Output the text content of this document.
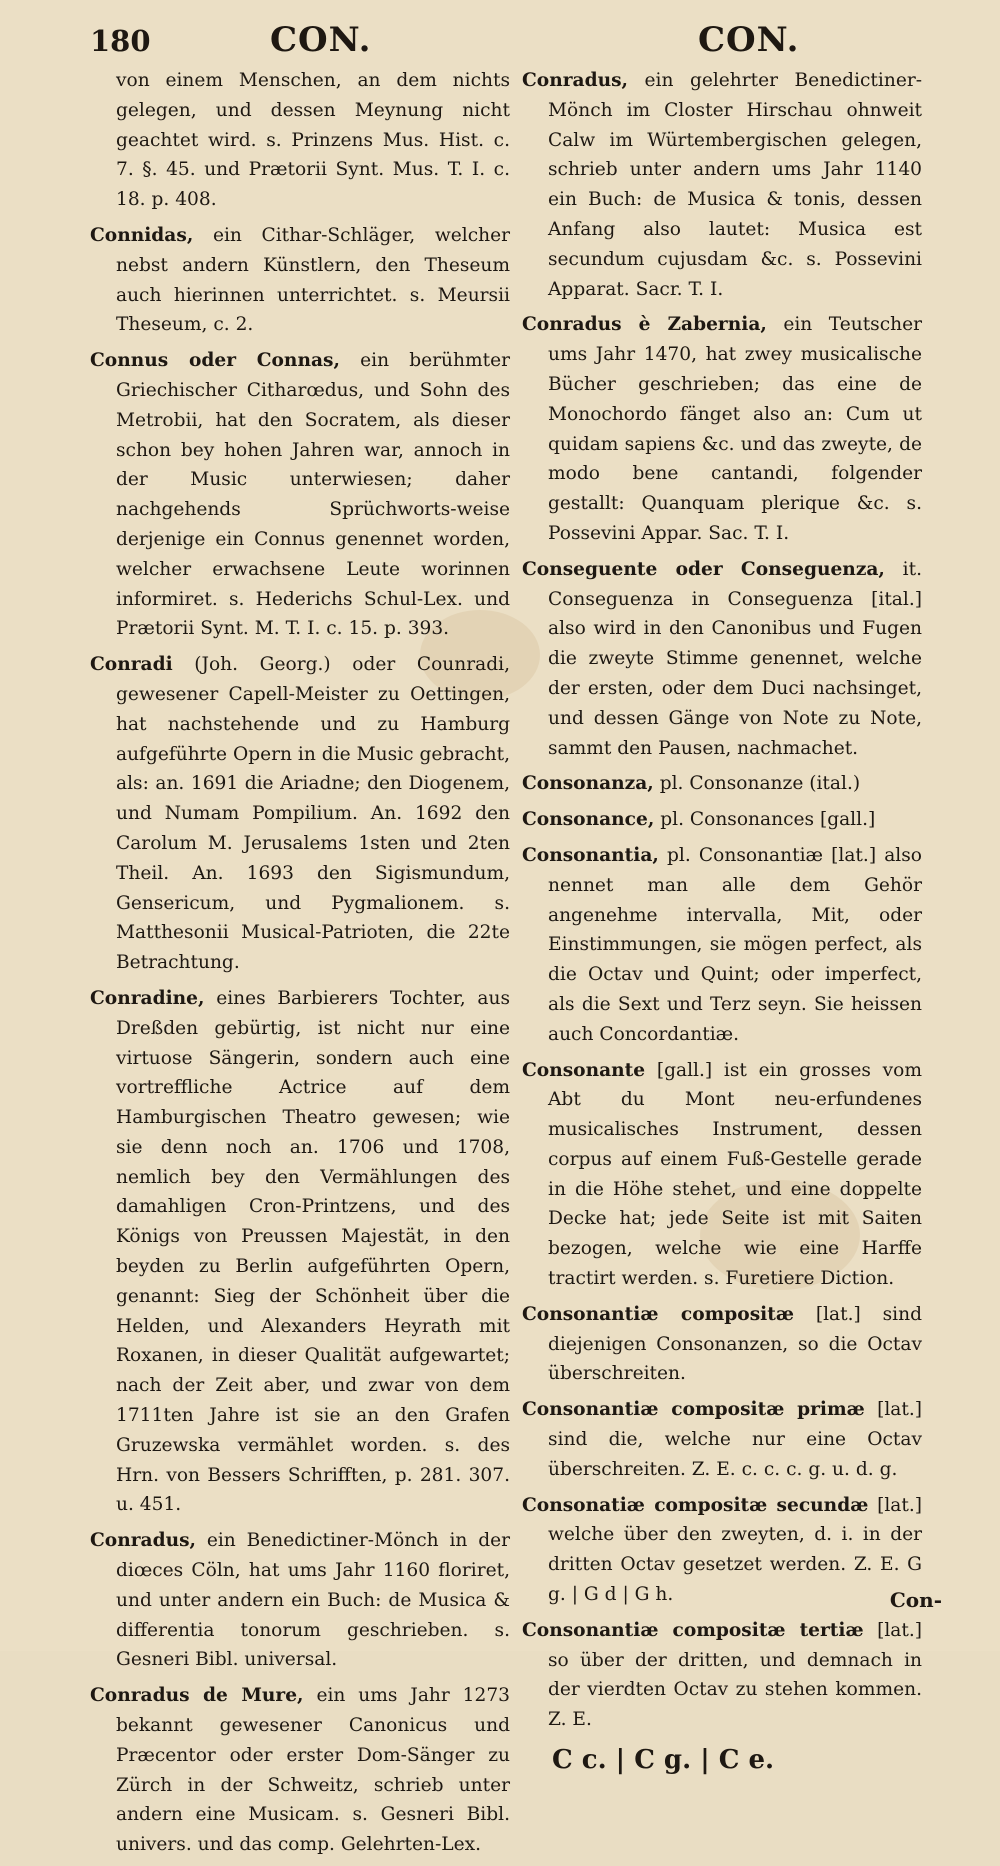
180	CON.	CON.

von einem Menschen, an dem nichts gelegen, und dessen Meynung nicht geachtet wird. s. Prinzens Mus. Hist. c. 7. §. 45. und Prætorii Synt. Mus. T. I. c. 18. p. 408.

Connidas, ein Cithar-Schläger, welcher nebst andern Künstlern, den Theseum auch hierinnen unterrichtet. s. Meursii Theseum, c. 2.

Connus oder Connas, ein berühmter Griechischer Citharœdus, und Sohn des Metrobii, hat den Socratem, als dieser schon bey hohen Jahren war, annoch in der Music unterwiesen; daher nachgehends Sprüchworts-weise derjenige ein Connus genennet worden, welcher erwachsene Leute worinnen informiret. s. Hederichs Schul-Lex. und Prætorii Synt. M. T. I. c. 15. p. 393.

Conradi (Joh. Georg.) oder Counradi, gewesener Capell-Meister zu Oettingen, hat nachstehende und zu Hamburg aufgeführte Opern in die Music gebracht, als: an. 1691 die Ariadne; den Diogenem, und Numam Pompilium. An. 1692 den Carolum M. Jerusalems 1sten und 2ten Theil. An. 1693 den Sigismundum, Gensericum, und Pygmalionem. s. Matthesonii Musical-Patrioten, die 22te Betrachtung.

Conradine, eines Barbierers Tochter, aus Dreßden gebürtig, ist nicht nur eine virtuose Sängerin, sondern auch eine vortreffliche Actrice auf dem Hamburgischen Theatro gewesen; wie sie denn noch an. 1706 und 1708, nemlich bey den Vermählungen des damahligen Cron-Printzens, und des Königs von Preussen Majestät, in den beyden zu Berlin aufgeführten Opern, genannt: Sieg der Schönheit über die Helden, und Alexanders Heyrath mit Roxanen, in dieser Qualität aufgewartet; nach der Zeit aber, und zwar von dem 1711ten Jahre ist sie an den Grafen Gruzewska vermählet worden. s. des Hrn. von Bessers Schrifften, p. 281. 307. u. 451.

Conradus, ein Benedictiner-Mönch in der diœces Cöln, hat ums Jahr 1160 floriret, und unter andern ein Buch: de Musica & differentia tonorum geschrieben. s. Gesneri Bibl. universal.

Conradus de Mure, ein ums Jahr 1273 bekannt gewesener Canonicus und Præcentor oder erster Dom-Sänger zu Zürch in der Schweitz, schrieb unter andern eine Musicam. s. Gesneri Bibl. univers. und das comp. Gelehrten-Lex.

Conradus, ein gelehrter Benedictiner-Mönch im Closter Hirschau ohnweit Calw im Würtembergischen gelegen, schrieb unter andern ums Jahr 1140 ein Buch: de Musica & tonis, dessen Anfang also lautet: Musica est secundum cujusdam &c. s. Possevini Apparat. Sacr. T. I.

Conradus è Zabernia, ein Teutscher ums Jahr 1470, hat zwey musicalische Bücher geschrieben; das eine de Monochordo fänget also an: Cum ut quidam sapiens &c. und das zweyte, de modo bene cantandi, folgender gestallt: Quanquam plerique &c. s. Possevini Appar. Sac. T. I.

Conseguente oder Conseguenza, it. Conseguenza in Conseguenza [ital.] also wird in den Canonibus und Fugen die zweyte Stimme genennet, welche der ersten, oder dem Duci nachsinget, und dessen Gänge von Note zu Note, sammt den Pausen, nachmachet.

Consonanza, pl. Consonanze (ital.)

Consonance, pl. Consonances [gall.]

Consonantia, pl. Consonantiæ [lat.] also nennet man alle dem Gehör angenehme intervalla, Mit, oder Einstimmungen, sie mögen perfect, als die Octav und Quint; oder imperfect, als die Sext und Terz seyn. Sie heissen auch Concordantiæ.

Consonante [gall.] ist ein grosses vom Abt du Mont neu-erfundenes musicalisches Instrument, dessen corpus auf einem Fuß-Gestelle gerade in die Höhe stehet, und eine doppelte Decke hat; jede Seite ist mit Saiten bezogen, welche wie eine Harffe tractirt werden. s. Furetiere Diction.

Consonantiæ compositæ [lat.] sind diejenigen Consonanzen, so die Octav überschreiten.

Consonantiæ compositæ primæ [lat.] sind die, welche nur eine Octav überschreiten. Z. E. c. c. c. g. u. d. g.

Consonatiæ compositæ secundæ [lat.] welche über den zweyten, d. i. in der dritten Octav gesetzet werden. Z. E. G g. | G d | G h.

Consonantiæ compositæ tertiæ [lat.] so über der dritten, und demnach in der vierdten Octav zu stehen kommen. Z. E.

C c. | C g. | C e.

Con-
